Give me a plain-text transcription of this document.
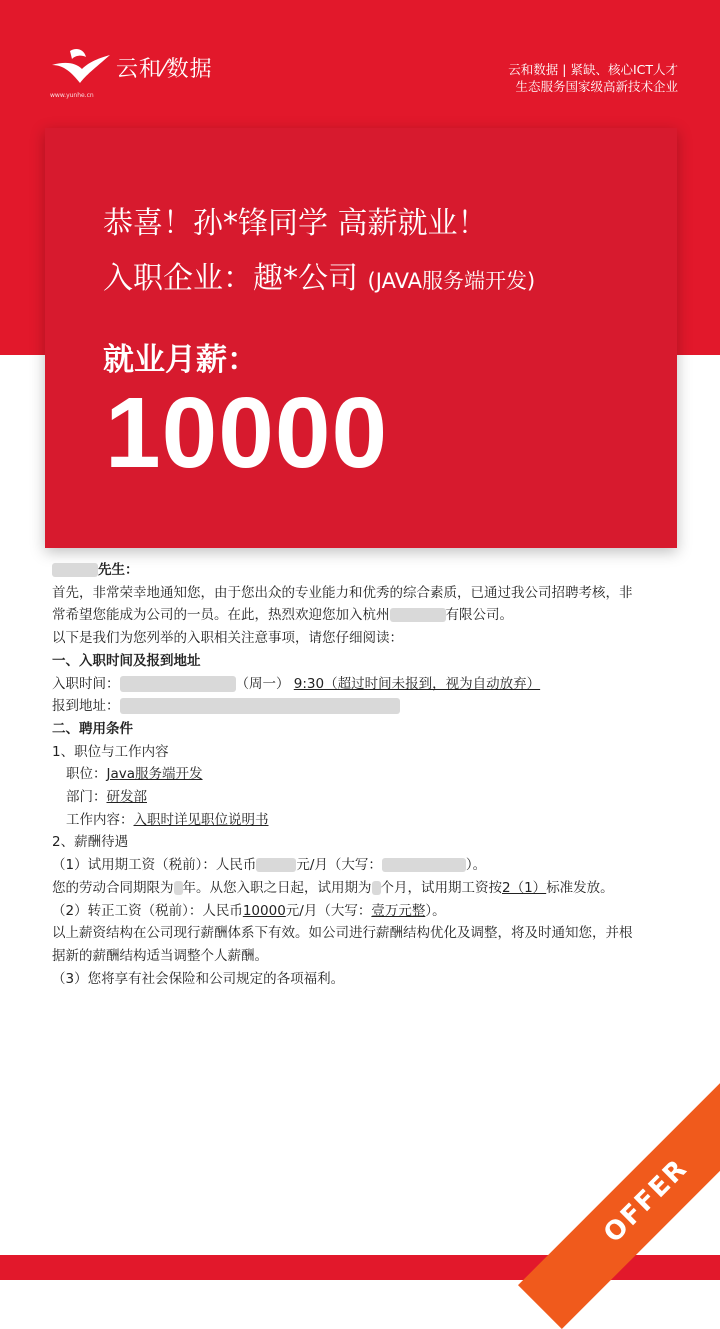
云和⁄数据
www.yunhe.cn
云和数据 | 紧缺、核心ICT人才
生态服务国家级高新技术企业
恭喜！孙*锋同学 高薪就业！
入职企业：趣*公司 (JAVA服务端开发)
就业月薪：
10000
先生：
首先，非常荣幸地通知您，由于您出众的专业能力和优秀的综合素质，已通过我公司招聘考核，非
常希望您能成为公司的一员。在此，热烈欢迎您加入杭州	有限公司。
以下是我们为您列举的入职相关注意事项，请您仔细阅读：
一、入职时间及报到地址
入职时间：	（周一） 9:30（超过时间未报到，视为自动放弃）
报到地址：
二、聘用条件
1、职位与工作内容
职位：Java服务端开发
部门：研发部
工作内容：入职时详见职位说明书
2、薪酬待遇
（1）试用期工资（税前）：人民币	元/月（大写：	）。
您的劳动合同期限为 年。从您入职之日起，试用期为 个月，试用期工资按2（1）标准发放。
（2）转正工资（税前）：人民币10000元/月（大写：壹万元整）。
以上薪资结构在公司现行薪酬体系下有效。如公司进行薪酬结构优化及调整，将及时通知您，并根
据新的薪酬结构适当调整个人薪酬。
（3）您将享有社会保险和公司规定的各项福利。
OFFER
